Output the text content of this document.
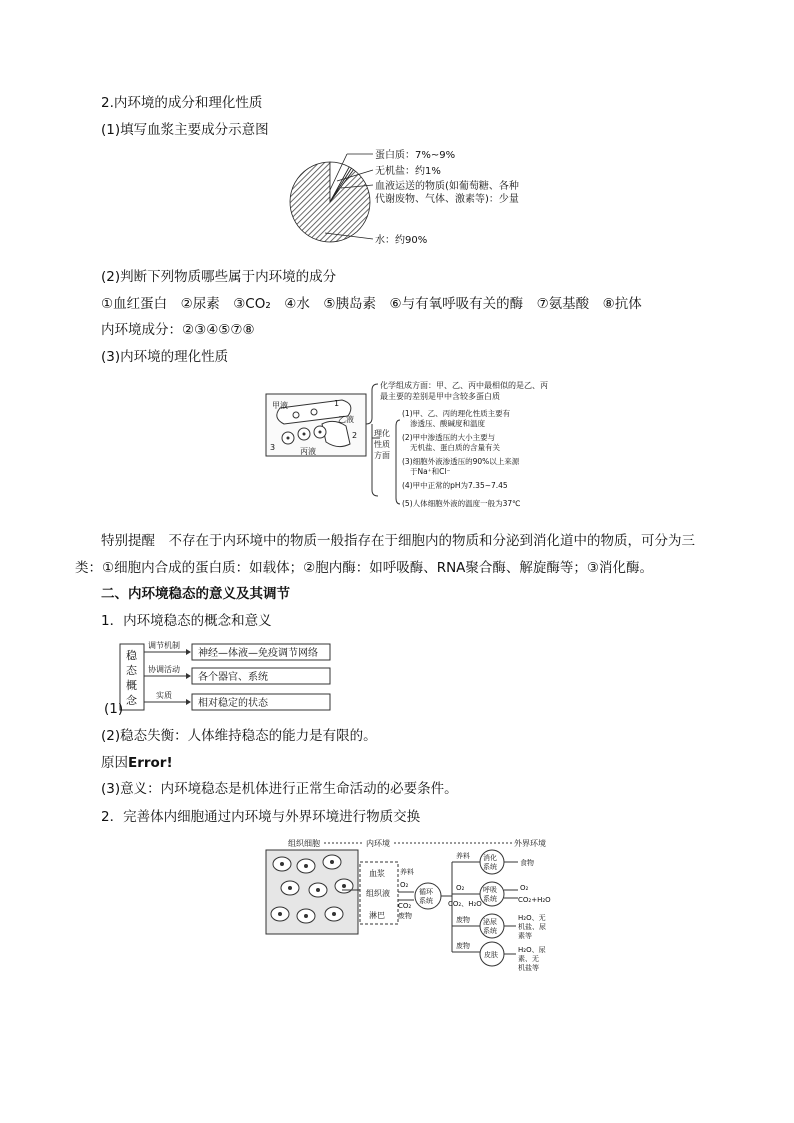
2.内环境的成分和理化性质
(1)填写血浆主要成分示意图
蛋白质：7%~9%
无机盐：约1%
血液运送的物质(如葡萄糖、各种
代谢废物、气体、激素等)：少量
水：约90%
(2)判断下列物质哪些属于内环境的成分
①血红蛋白　②尿素　③CO₂　④水　⑤胰岛素　⑥与有氧呼吸有关的酶　⑦氨基酸　⑧抗体
内环境成分：②③④⑤⑦⑧
(3)内环境的理化性质
甲液
乙液
丙液
1
2
3
化学组成方面：甲、乙、丙中最相似的是乙、丙
最主要的差别是甲中含较多蛋白质
理化
性质
方面
(1)甲、乙、丙的理化性质主要有
渗透压、酸碱度和温度
(2)甲中渗透压的大小主要与
无机盐、蛋白质的含量有关
(3)细胞外液渗透压的90%以上来源
于Na⁺和Cl⁻
(4)甲中正常的pH为7.35~7.45
(5)人体细胞外液的温度一般为37℃
特别提醒　不存在于内环境中的物质一般指存在于细胞内的物质和分泌到消化道中的物质，可分为三
类：①细胞内合成的蛋白质：如载体；②胞内酶：如呼吸酶、RNA聚合酶、解旋酶等；③消化酶。
二、内环境稳态的意义及其调节
1．内环境稳态的概念和意义
稳
态
概
念
调节机制
协调活动
实质
神经—体液—免疫调节网络
各个器官、系统
相对稳定的状态
(1)
(2)稳态失衡：人体维持稳态的能力是有限的。
原因Error!
(3)意义：内环境稳态是机体进行正常生命活动的必要条件。
2．完善体内细胞通过内环境与外界环境进行物质交换
组织细胞	内环境	外界环境
血浆
组织液
淋巴
养料
O₂
CO₂
废物
循环
系统
养料
O₂
CO₂、H₂O
废物
废物
消化
系统
呼吸
系统
泌尿
系统
皮肤
食物
O₂
CO₂+H₂O
H₂O、无
机盐、尿
素等
H₂O、尿
素、无
机盐等
